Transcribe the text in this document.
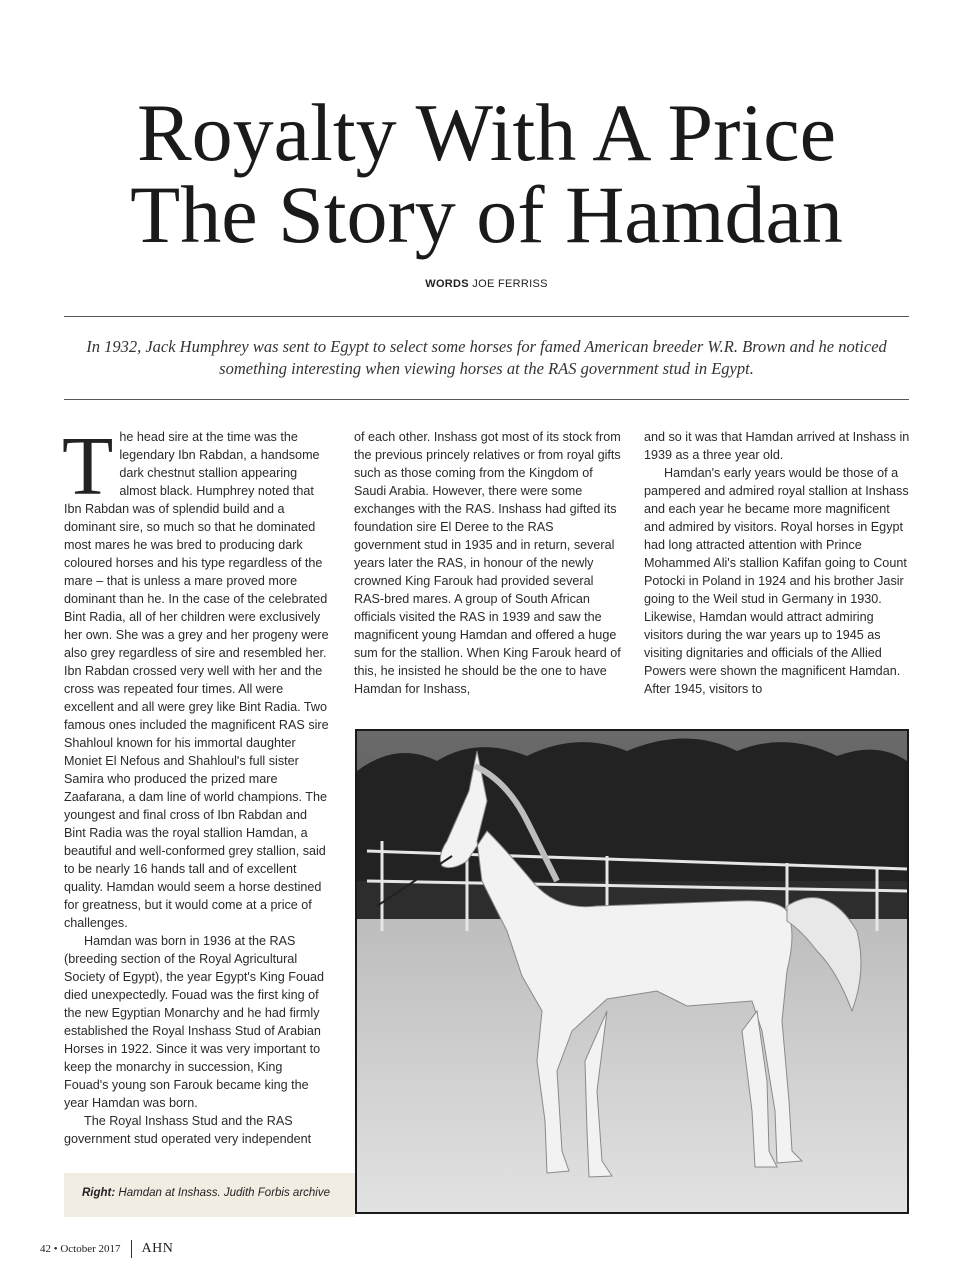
Royalty With A Price
The Story of Hamdan
WORDS JOE FERRISS
In 1932, Jack Humphrey was sent to Egypt to select some horses for famed American breeder W.R. Brown and he noticed something interesting when viewing horses at the RAS government stud in Egypt.
T he head sire at the time was the legendary Ibn Rabdan, a handsome dark chestnut stallion appearing almost black. Humphrey noted that Ibn Rabdan was of splendid build and a dominant sire, so much so that he dominated most mares he was bred to producing dark coloured horses and his type regardless of the mare – that is unless a mare proved more dominant than he. In the case of the celebrated Bint Radia, all of her children were exclusively her own. She was a grey and her progeny were also grey regardless of sire and resembled her. Ibn Rabdan crossed very well with her and the cross was repeated four times. All were excellent and all were grey like Bint Radia. Two famous ones included the magnificent RAS sire Shahloul known for his immortal daughter Moniet El Nefous and Shahloul's full sister Samira who produced the prized mare Zaafarana, a dam line of world champions. The youngest and final cross of Ibn Rabdan and Bint Radia was the royal stallion Hamdan, a beautiful and well-conformed grey stallion, said to be nearly 16 hands tall and of excellent quality. Hamdan would seem a horse destined for greatness, but it would come at a price of challenges.

Hamdan was born in 1936 at the RAS (breeding section of the Royal Agricultural Society of Egypt), the year Egypt's King Fouad died unexpectedly. Fouad was the first king of the new Egyptian Monarchy and he had firmly established the Royal Inshass Stud of Arabian Horses in 1922. Since it was very important to keep the monarchy in succession, King Fouad's young son Farouk became king the year Hamdan was born.

The Royal Inshass Stud and the RAS government stud operated very independent

of each other. Inshass got most of its stock from the previous princely relatives or from royal gifts such as those coming from the Kingdom of Saudi Arabia. However, there were some exchanges with the RAS. Inshass had gifted its foundation sire El Deree to the RAS government stud in 1935 and in return, several years later the RAS, in honour of the newly crowned King Farouk had provided several RAS-bred mares. A group of South African officials visited the RAS in 1939 and saw the magnificent young Hamdan and offered a huge sum for the stallion. When King Farouk heard of this, he insisted he should be the one to have Hamdan for Inshass,

and so it was that Hamdan arrived at Inshass in 1939 as a three year old.

Hamdan's early years would be those of a pampered and admired royal stallion at Inshass and each year he became more magnificent and admired by visitors. Royal horses in Egypt had long attracted attention with Prince Mohammed Ali's stallion Kafifan going to Count Potocki in Poland in 1924 and his brother Jasir going to the Weil stud in Germany in 1930. Likewise, Hamdan would attract admiring visitors during the war years up to 1945 as visiting dignitaries and officials of the Allied Powers were shown the magnificent Hamdan. After 1945, visitors to

Right: Hamdan at Inshass. Judith Forbis archive
42 • October 2017 AHN
